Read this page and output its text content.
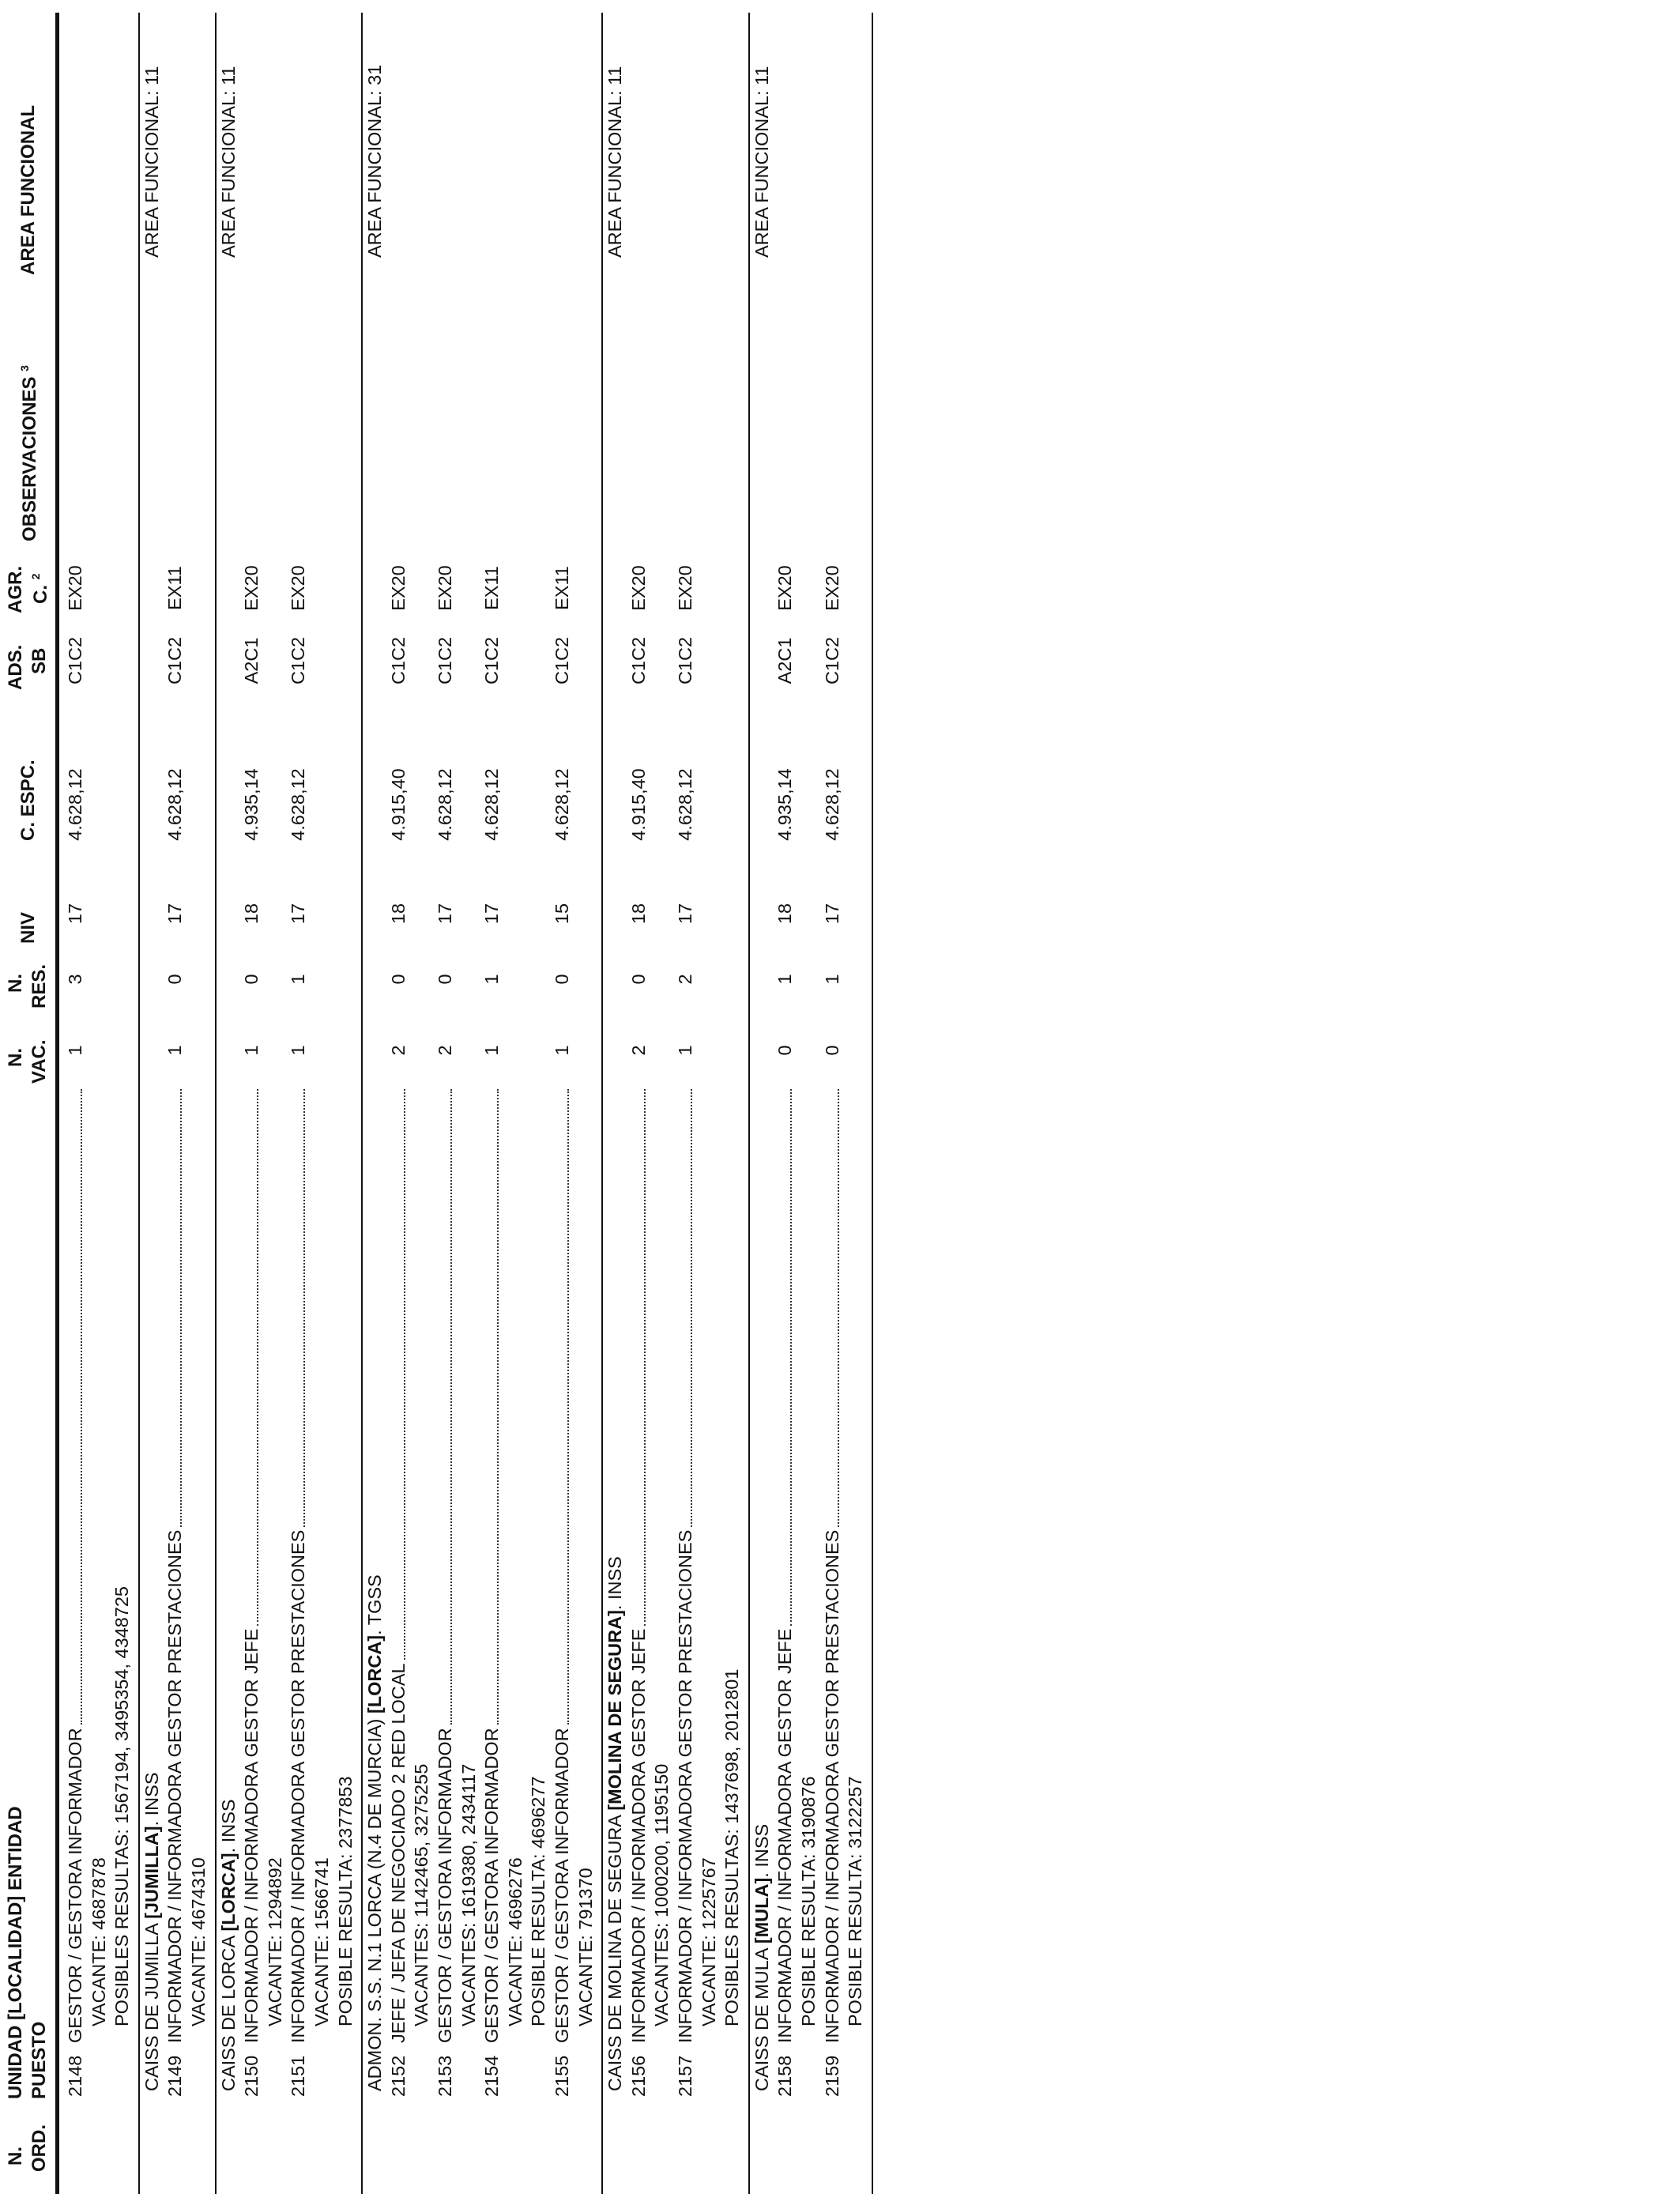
N. ORD.
UNIDAD [LOCALIDAD] ENTIDAD PUESTO
N. VAC.
N. RES.
NIV
C. ESPC.
ADS. SB
AGR. C. $^2$
OBSERVACIONES $^3$
AREA FUNCIONAL
2148
GESTOR / GESTORA INFORMADOR
1
3
17
4.628,12
C1C2
EX20
VACANTE: 4687878 POSIBLES RESULTAS: 1567194, 3495354, 4348725 CAISS DE JUMILLA [JUMILLA]. INSS
AREA FUNCIONAL: 11
2149
INFORMADOR / INFORMADORA GESTOR PRESTACIONES
1
0
17
4.628,12
C1C2
EX11
VACANTE: 4674310 CAISS DE LORCA [LORCA]. INSS
AREA FUNCIONAL: 11
2150
INFORMADOR / INFORMADORA GESTOR JEFE
1
0
18
4.935,14
A2C1
EX20
VACANTE: 1294892
2151
INFORMADOR / INFORMADORA GESTOR PRESTACIONES
1
1
17
4.628,12
C1C2
EX20
VACANTE: 1566741 POSIBLE RESULTA: 2377853 ADMON. S.S. N.1 LORCA (N.4 DE MURCIA) [LORCA]. TGSS
AREA FUNCIONAL: 31
2152
JEFE / JEFA DE NEGOCIADO 2 RED LOCAL
2
0
18
4.915,40
C1C2
EX20
VACANTES: 1142465, 3275255
2153
GESTOR / GESTORA INFORMADOR
2
0
17
4.628,12
C1C2
EX20
VACANTES: 1619380, 2434117
2154
GESTOR / GESTORA INFORMADOR
1
1
17
4.628,12
C1C2
EX11
VACANTE: 4696276 POSIBLE RESULTA: 4696277
2155
GESTOR / GESTORA INFORMADOR
1
0
15
4.628,12
C1C2
EX11
VACANTE: 791370 CAISS DE MOLINA DE SEGURA [MOLINA DE SEGURA]. INSS
AREA FUNCIONAL: 11
2156
INFORMADOR / INFORMADORA GESTOR JEFE
2
0
18
4.915,40
C1C2
EX20
VACANTES: 1000200, 1195150
2157
INFORMADOR / INFORMADORA GESTOR PRESTACIONES
1
2
17
4.628,12
C1C2
EX20
VACANTE: 1225767 POSIBLES RESULTAS: 1437698, 2012801 CAISS DE MULA [MULA]. INSS
AREA FUNCIONAL: 11
2158
INFORMADOR / INFORMADORA GESTOR JEFE
0
1
18
4.935,14
A2C1
EX20
POSIBLE RESULTA: 3190876
2159
INFORMADOR / INFORMADORA GESTOR PRESTACIONES
0
1
17
4.628,12
C1C2
EX20
POSIBLE RESULTA: 3122257
